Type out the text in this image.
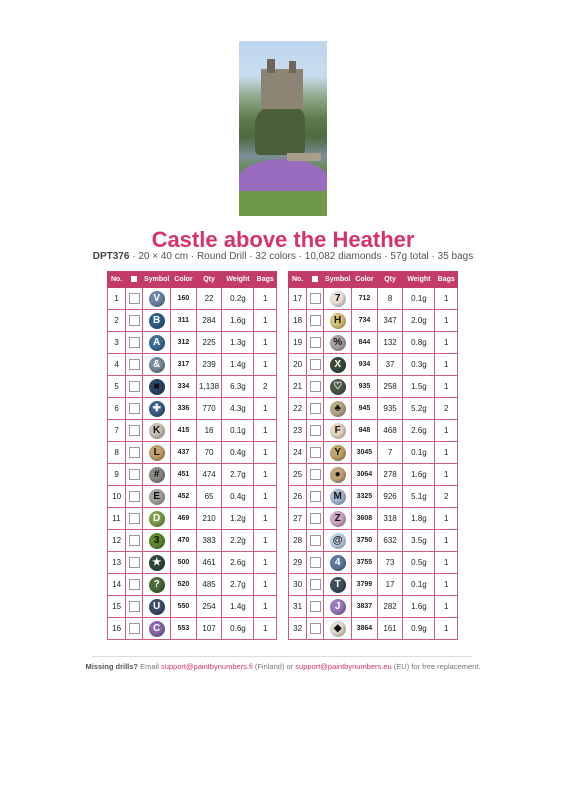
Castle above the Heather
DPT376 · 20 × 40 cm · Round Drill · 32 colors · 10,082 diamonds · 57g total · 35 bags
No.		Symbol	Color	Qty	Weight	Bags
1		V	160	22	0.2g	1
2		B	311	284	1.6g	1
3		A	312	225	1.3g	1
4		&	317	239	1.4g	1
5		■	334	1,138	6.3g	2
6		✚	336	770	4.3g	1
7		K	415	16	0.1g	1
8		L	437	70	0.4g	1
9		#	451	474	2.7g	1
10		E	452	65	0.4g	1
11		D	469	210	1.2g	1
12		3	470	383	2.2g	1
13		★	500	461	2.6g	1
14		?	520	485	2.7g	1
15		U	550	254	1.4g	1
16		C	553	107	0.6g	1
No.		Symbol	Color	Qty	Weight	Bags
17		7	712	8	0.1g	1
18		H	734	347	2.0g	1
19		%	844	132	0.8g	1
20		X	934	37	0.3g	1
21		♡	935	258	1.5g	1
22		♣	945	935	5.2g	2
23		F	948	468	2.6g	1
24		Y	3045	7	0.1g	1
25		●	3064	278	1.6g	1
26		M	3325	926	5.1g	2
27		Z	3608	318	1.8g	1
28		@	3750	632	3.5g	1
29		4	3755	73	0.5g	1
30		T	3799	17	0.1g	1
31		J	3837	282	1.6g	1
32		◆	3864	161	0.9g	1
Missing drills? Email support@paintbynumbers.fi (Finland) or support@paintbynumbers.eu (EU) for free replacement.
